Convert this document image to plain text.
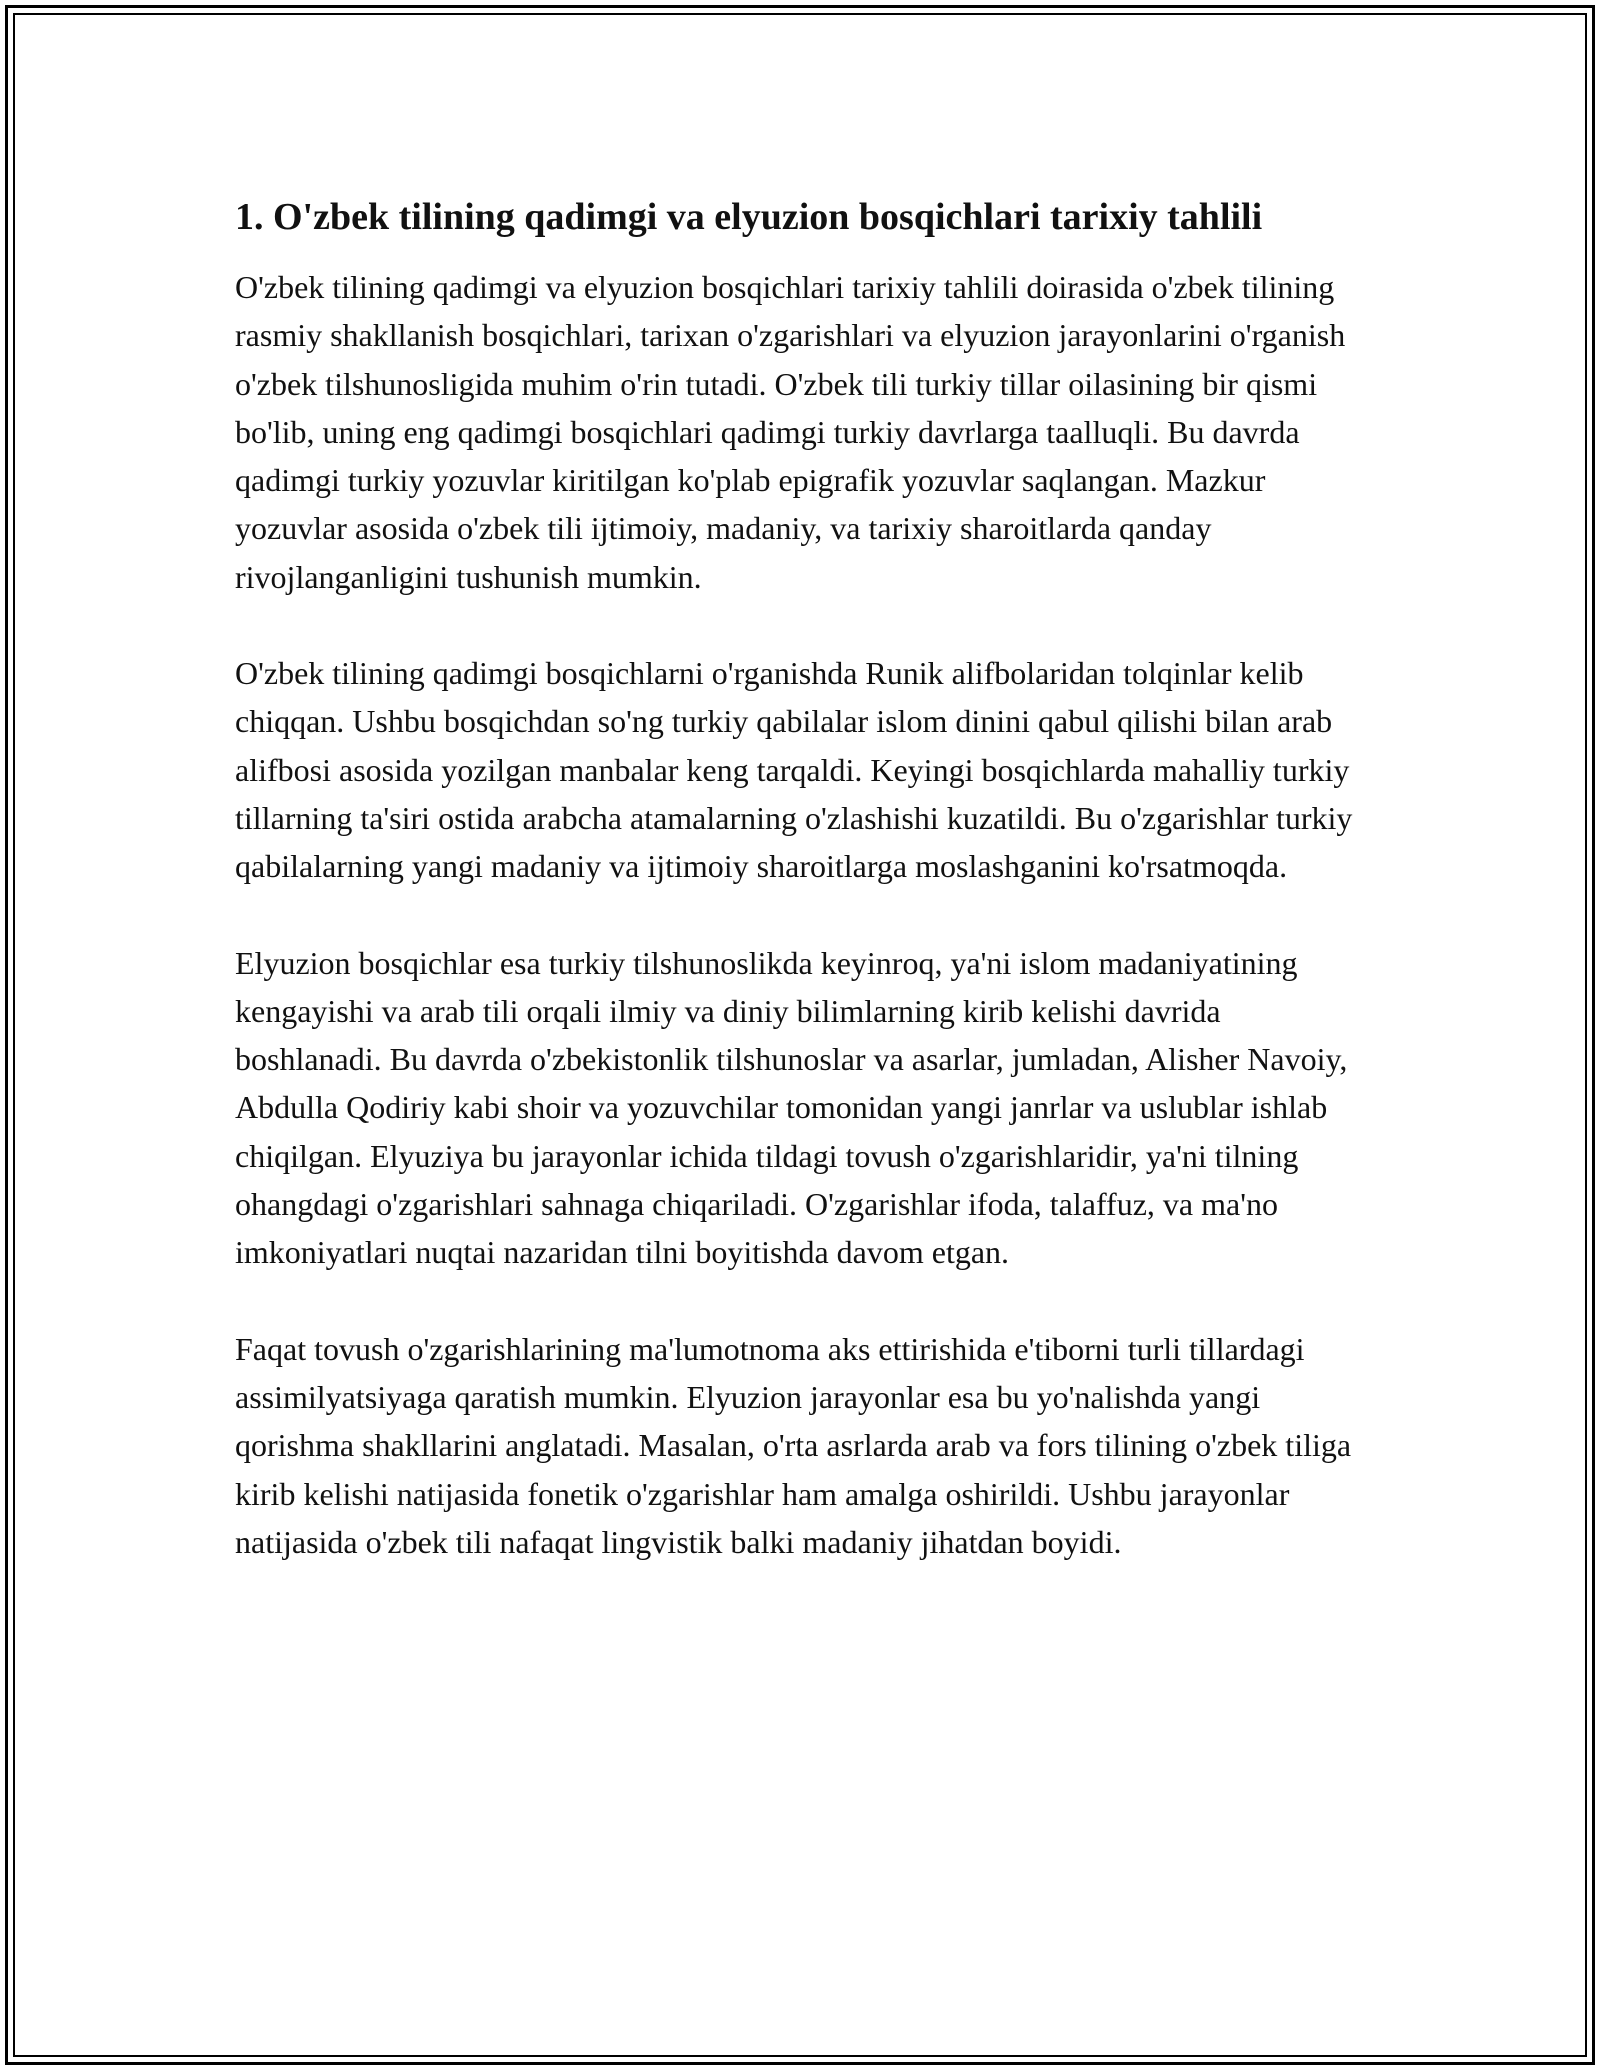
1. O'zbek tilining qadimgi va elyuzion bosqichlari tarixiy tahlili

O'zbek tilining qadimgi va elyuzion bosqichlari tarixiy tahlili doirasida o'zbek tilining rasmiy shakllanish bosqichlari, tarixan o'zgarishlari va elyuzion jarayonlarini o'rganish o'zbek tilshunosligida muhim o'rin tutadi. O'zbek tili turkiy tillar oilasining bir qismi bo'lib, uning eng qadimgi bosqichlari qadimgi turkiy davrlarga taalluqli. Bu davrda qadimgi turkiy yozuvlar kiritilgan ko'plab epigrafik yozuvlar saqlangan. Mazkur yozuvlar asosida o'zbek tili ijtimoiy, madaniy, va tarixiy sharoitlarda qanday rivojlanganligini tushunish mumkin.

O'zbek tilining qadimgi bosqichlarni o'rganishda Runik alifbolaridan tolqinlar kelib chiqqan. Ushbu bosqichdan so'ng turkiy qabilalar islom dinini qabul qilishi bilan arab alifbosi asosida yozilgan manbalar keng tarqaldi. Keyingi bosqichlarda mahalliy turkiy tillarning ta'siri ostida arabcha atamalarning o'zlashishi kuzatildi. Bu o'zgarishlar turkiy qabilalarning yangi madaniy va ijtimoiy sharoitlarga moslashganini ko'rsatmoqda.

Elyuzion bosqichlar esa turkiy tilshunoslikda keyinroq, ya'ni islom madaniyatining kengayishi va arab tili orqali ilmiy va diniy bilimlarning kirib kelishi davrida boshlanadi. Bu davrda o'zbekistonlik tilshunoslar va asarlar, jumladan, Alisher Navoiy, Abdulla Qodiriy kabi shoir va yozuvchilar tomonidan yangi janrlar va uslublar ishlab chiqilgan. Elyuziya bu jarayonlar ichida tildagi tovush o'zgarishlaridir, ya'ni tilning ohangdagi o'zgarishlari sahnaga chiqariladi. O'zgarishlar ifoda, talaffuz, va ma'no imkoniyatlari nuqtai nazaridan tilni boyitishda davom etgan.

Faqat tovush o'zgarishlarining ma'lumotnoma aks ettirishida e'tiborni turli tillardagi assimilyatsiyaga qaratish mumkin. Elyuzion jarayonlar esa bu yo'nalishda yangi qorishma shakllarini anglatadi. Masalan, o'rta asrlarda arab va fors tilining o'zbek tiliga kirib kelishi natijasida fonetik o'zgarishlar ham amalga oshirildi. Ushbu jarayonlar natijasida o'zbek tili nafaqat lingvistik balki madaniy jihatdan boyidi.
